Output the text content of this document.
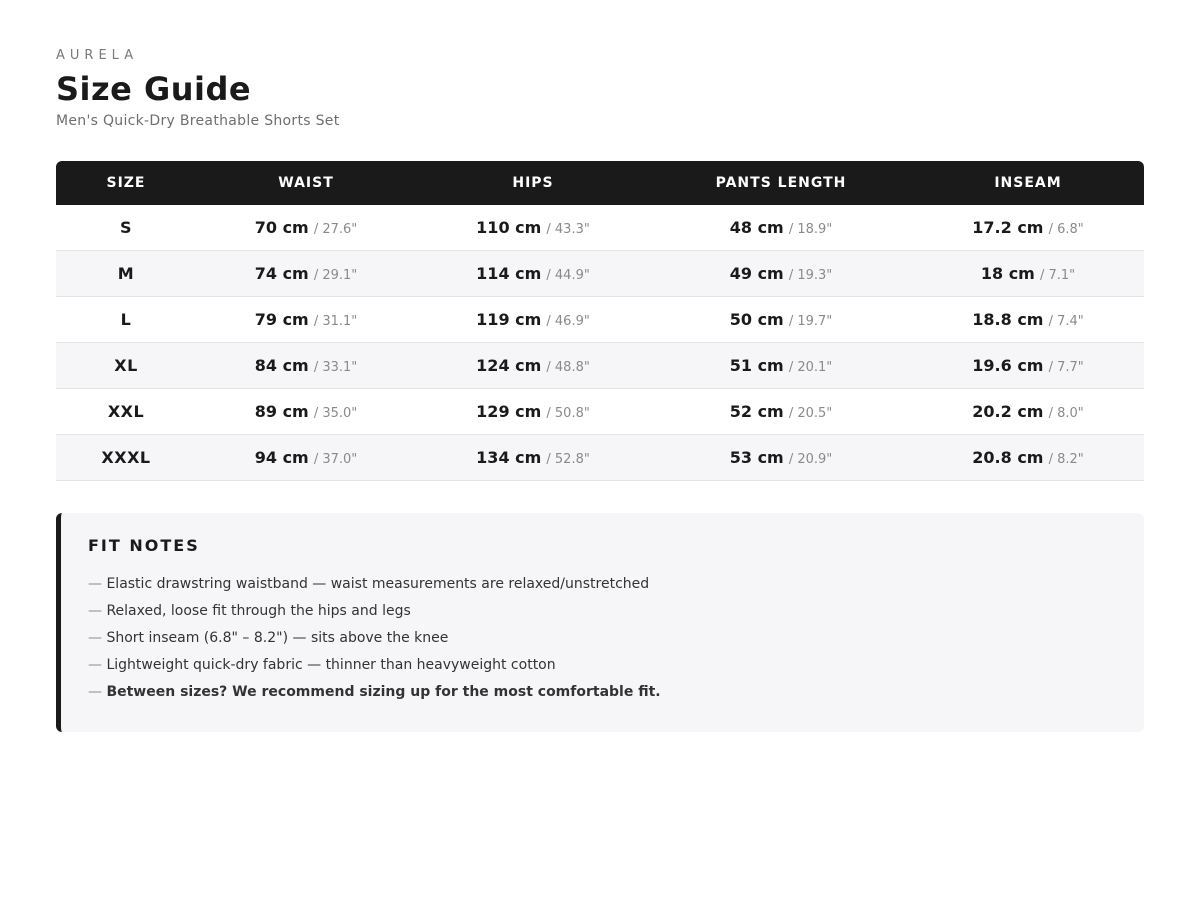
AURELA

Size Guide

Men's Quick-Dry Breathable Shorts Set

SIZE	WAIST	HIPS	PANTS LENGTH	INSEAM
S	70 cm / 27.6"	110 cm / 43.3"	48 cm / 18.9"	17.2 cm / 6.8"
M	74 cm / 29.1"	114 cm / 44.9"	49 cm / 19.3"	18 cm / 7.1"
L	79 cm / 31.1"	119 cm / 46.9"	50 cm / 19.7"	18.8 cm / 7.4"
XL	84 cm / 33.1"	124 cm / 48.8"	51 cm / 20.1"	19.6 cm / 7.7"
XXL	89 cm / 35.0"	129 cm / 50.8"	52 cm / 20.5"	20.2 cm / 8.0"
XXXL	94 cm / 37.0"	134 cm / 52.8"	53 cm / 20.9"	20.8 cm / 8.2"
FIT NOTES
— Elastic drawstring waistband — waist measurements are relaxed/unstretched
— Relaxed, loose fit through the hips and legs
— Short inseam (6.8" – 8.2") — sits above the knee
— Lightweight quick-dry fabric — thinner than heavyweight cotton
— Between sizes? We recommend sizing up for the most comfortable fit.
